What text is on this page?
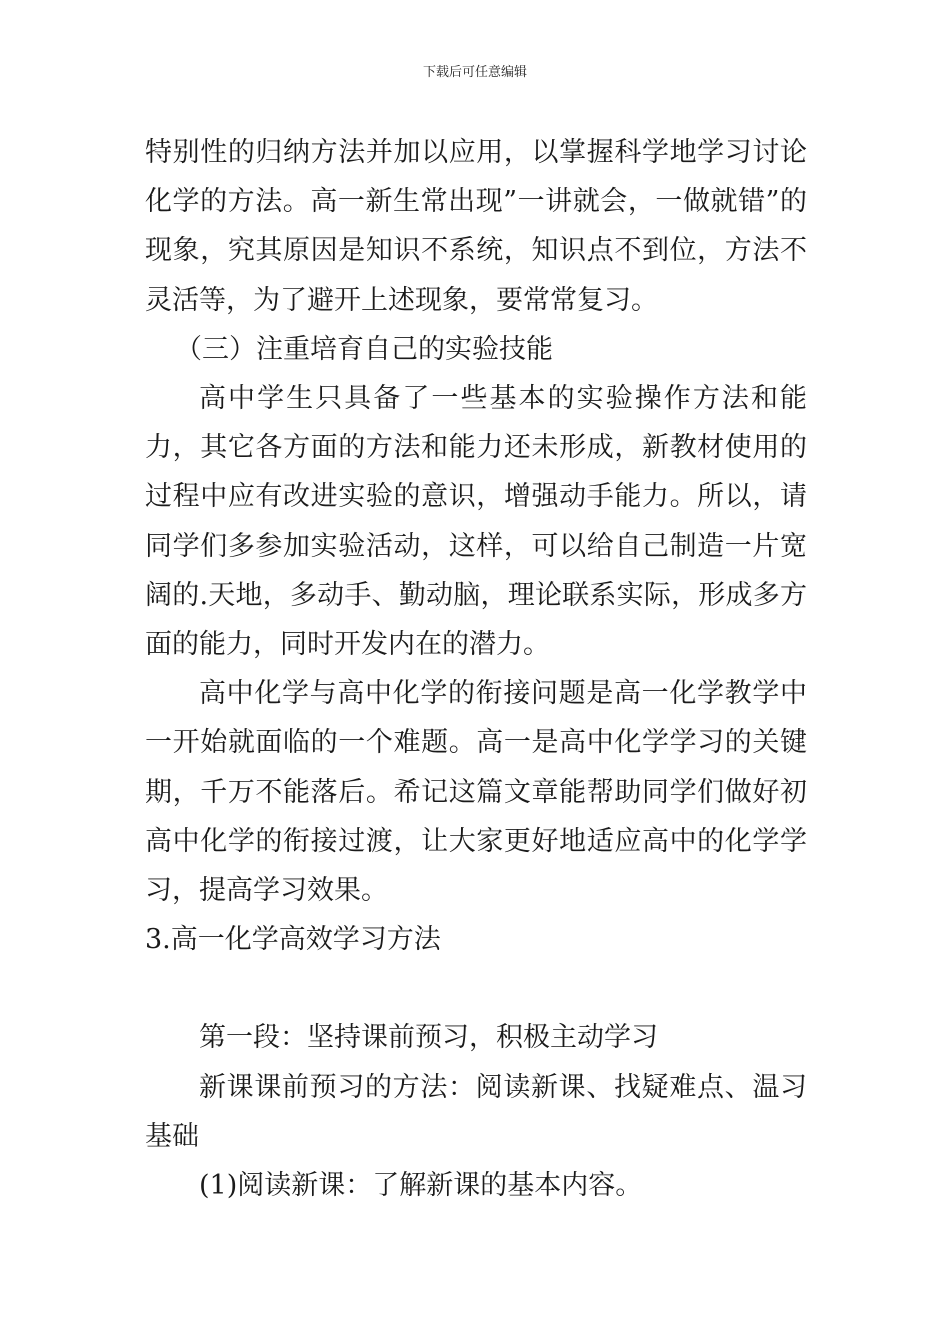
下载后可任意编辑

特别性的归纳方法并加以应用，以掌握科学地学习讨论化学的方法。高一新生常出现”一讲就会，一做就错”的现象，究其原因是知识不系统，知识点不到位，方法不灵活等，为了避开上述现象，要常常复习。

（三）注重培育自己的实验技能

高中学生只具备了一些基本的实验操作方法和能力，其它各方面的方法和能力还未形成，新教材使用的过程中应有改进实验的意识，增强动手能力。所以，请同学们多参加实验活动，这样，可以给自己制造一片宽阔的.天地，多动手、勤动脑，理论联系实际，形成多方面的能力，同时开发内在的潜力。

高中化学与高中化学的衔接问题是高一化学教学中一开始就面临的一个难题。高一是高中化学学习的关键期，千万不能落后。希记这篇文章能帮助同学们做好初高中化学的衔接过渡，让大家更好地适应高中的化学学习，提高学习效果。

3.高一化学高效学习方法

第一段：坚持课前预习，积极主动学习

新课课前预习的方法：阅读新课、找疑难点、温习基础

(1)阅读新课：了解新课的基本内容。
